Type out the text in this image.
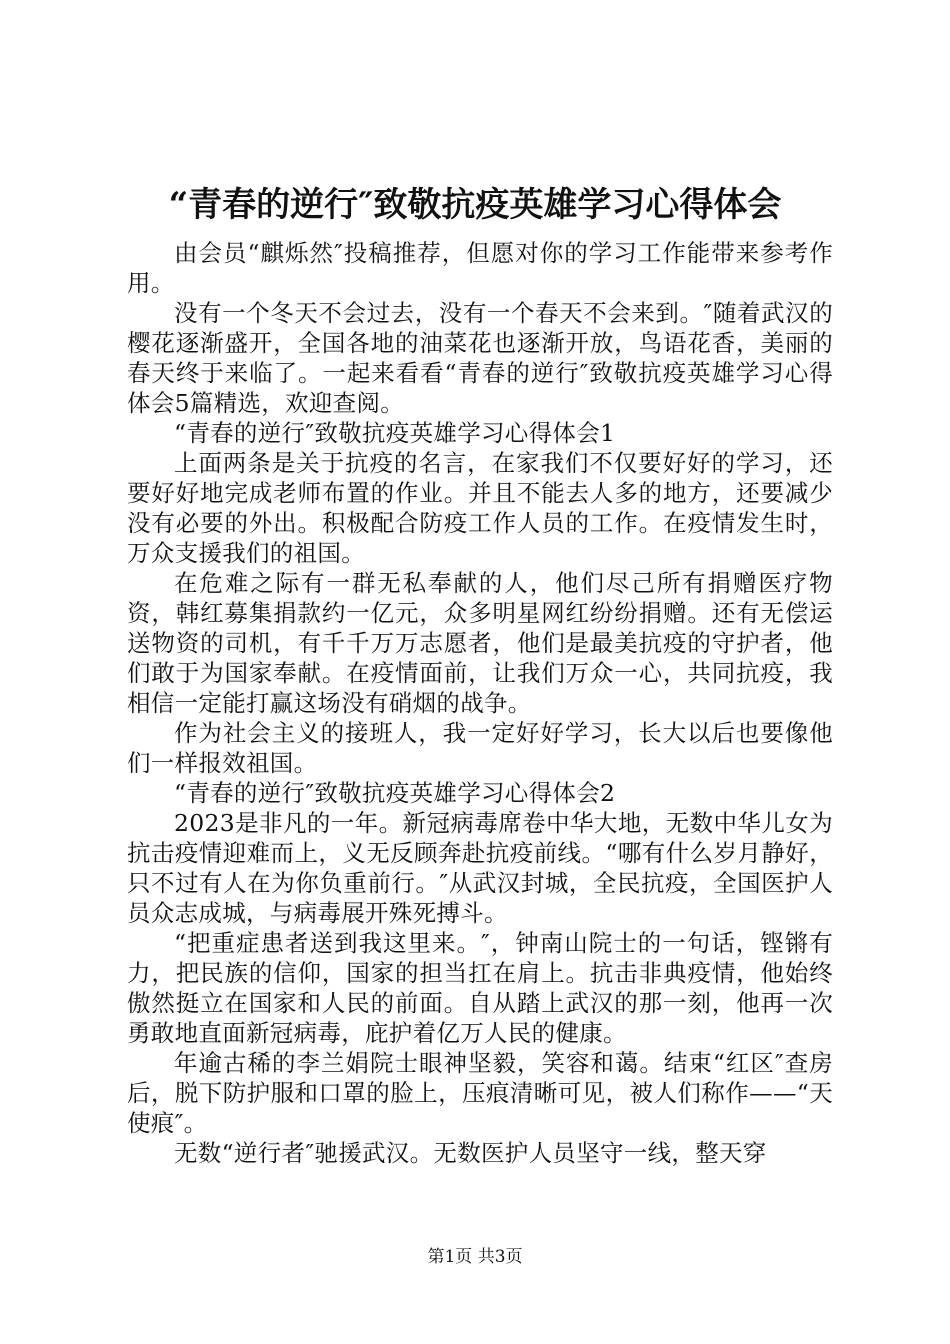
“青春的逆行″致敬抗疫英雄学习心得体会

由会员“麒烁然″投稿推荐，但愿对你的学习工作能带来参考作用。

没有一个冬天不会过去，没有一个春天不会来到。″随着武汉的樱花逐渐盛开，全国各地的油菜花也逐渐开放，鸟语花香，美丽的春天终于来临了。一起来看看“青春的逆行″致敬抗疫英雄学习心得体会5篇精选，欢迎查阅。

“青春的逆行″致敬抗疫英雄学习心得体会1

上面两条是关于抗疫的名言，在家我们不仅要好好的学习，还要好好地完成老师布置的作业。并且不能去人多的地方，还要减少没有必要的外出。积极配合防疫工作人员的工作。在疫情发生时，万众支援我们的祖国。

在危难之际有一群无私奉献的人，他们尽己所有捐赠医疗物资，韩红募集捐款约一亿元，众多明星网红纷纷捐赠。还有无偿运送物资的司机，有千千万万志愿者，他们是最美抗疫的守护者，他们敢于为国家奉献。在疫情面前，让我们万众一心，共同抗疫，我相信一定能打赢这场没有硝烟的战争。

作为社会主义的接班人，我一定好好学习，长大以后也要像他们一样报效祖国。

“青春的逆行″致敬抗疫英雄学习心得体会2

2023是非凡的一年。新冠病毒席卷中华大地，无数中华儿女为抗击疫情迎难而上，义无反顾奔赴抗疫前线。“哪有什么岁月静好，只不过有人在为你负重前行。″从武汉封城，全民抗疫，全国医护人员众志成城，与病毒展开殊死搏斗。

“把重症患者送到我这里来。″，钟南山院士的一句话，铿锵有力，把民族的信仰，国家的担当扛在肩上。抗击非典疫情，他始终傲然挺立在国家和人民的前面。自从踏上武汉的那一刻，他再一次勇敢地直面新冠病毒，庇护着亿万人民的健康。

年逾古稀的李兰娟院士眼神坚毅，笑容和蔼。结束“红区″查房后，脱下防护服和口罩的脸上，压痕清晰可见，被人们称作——“天使痕″。

无数“逆行者″驰援武汉。无数医护人员坚守一线，整天穿

第1页 共3页
